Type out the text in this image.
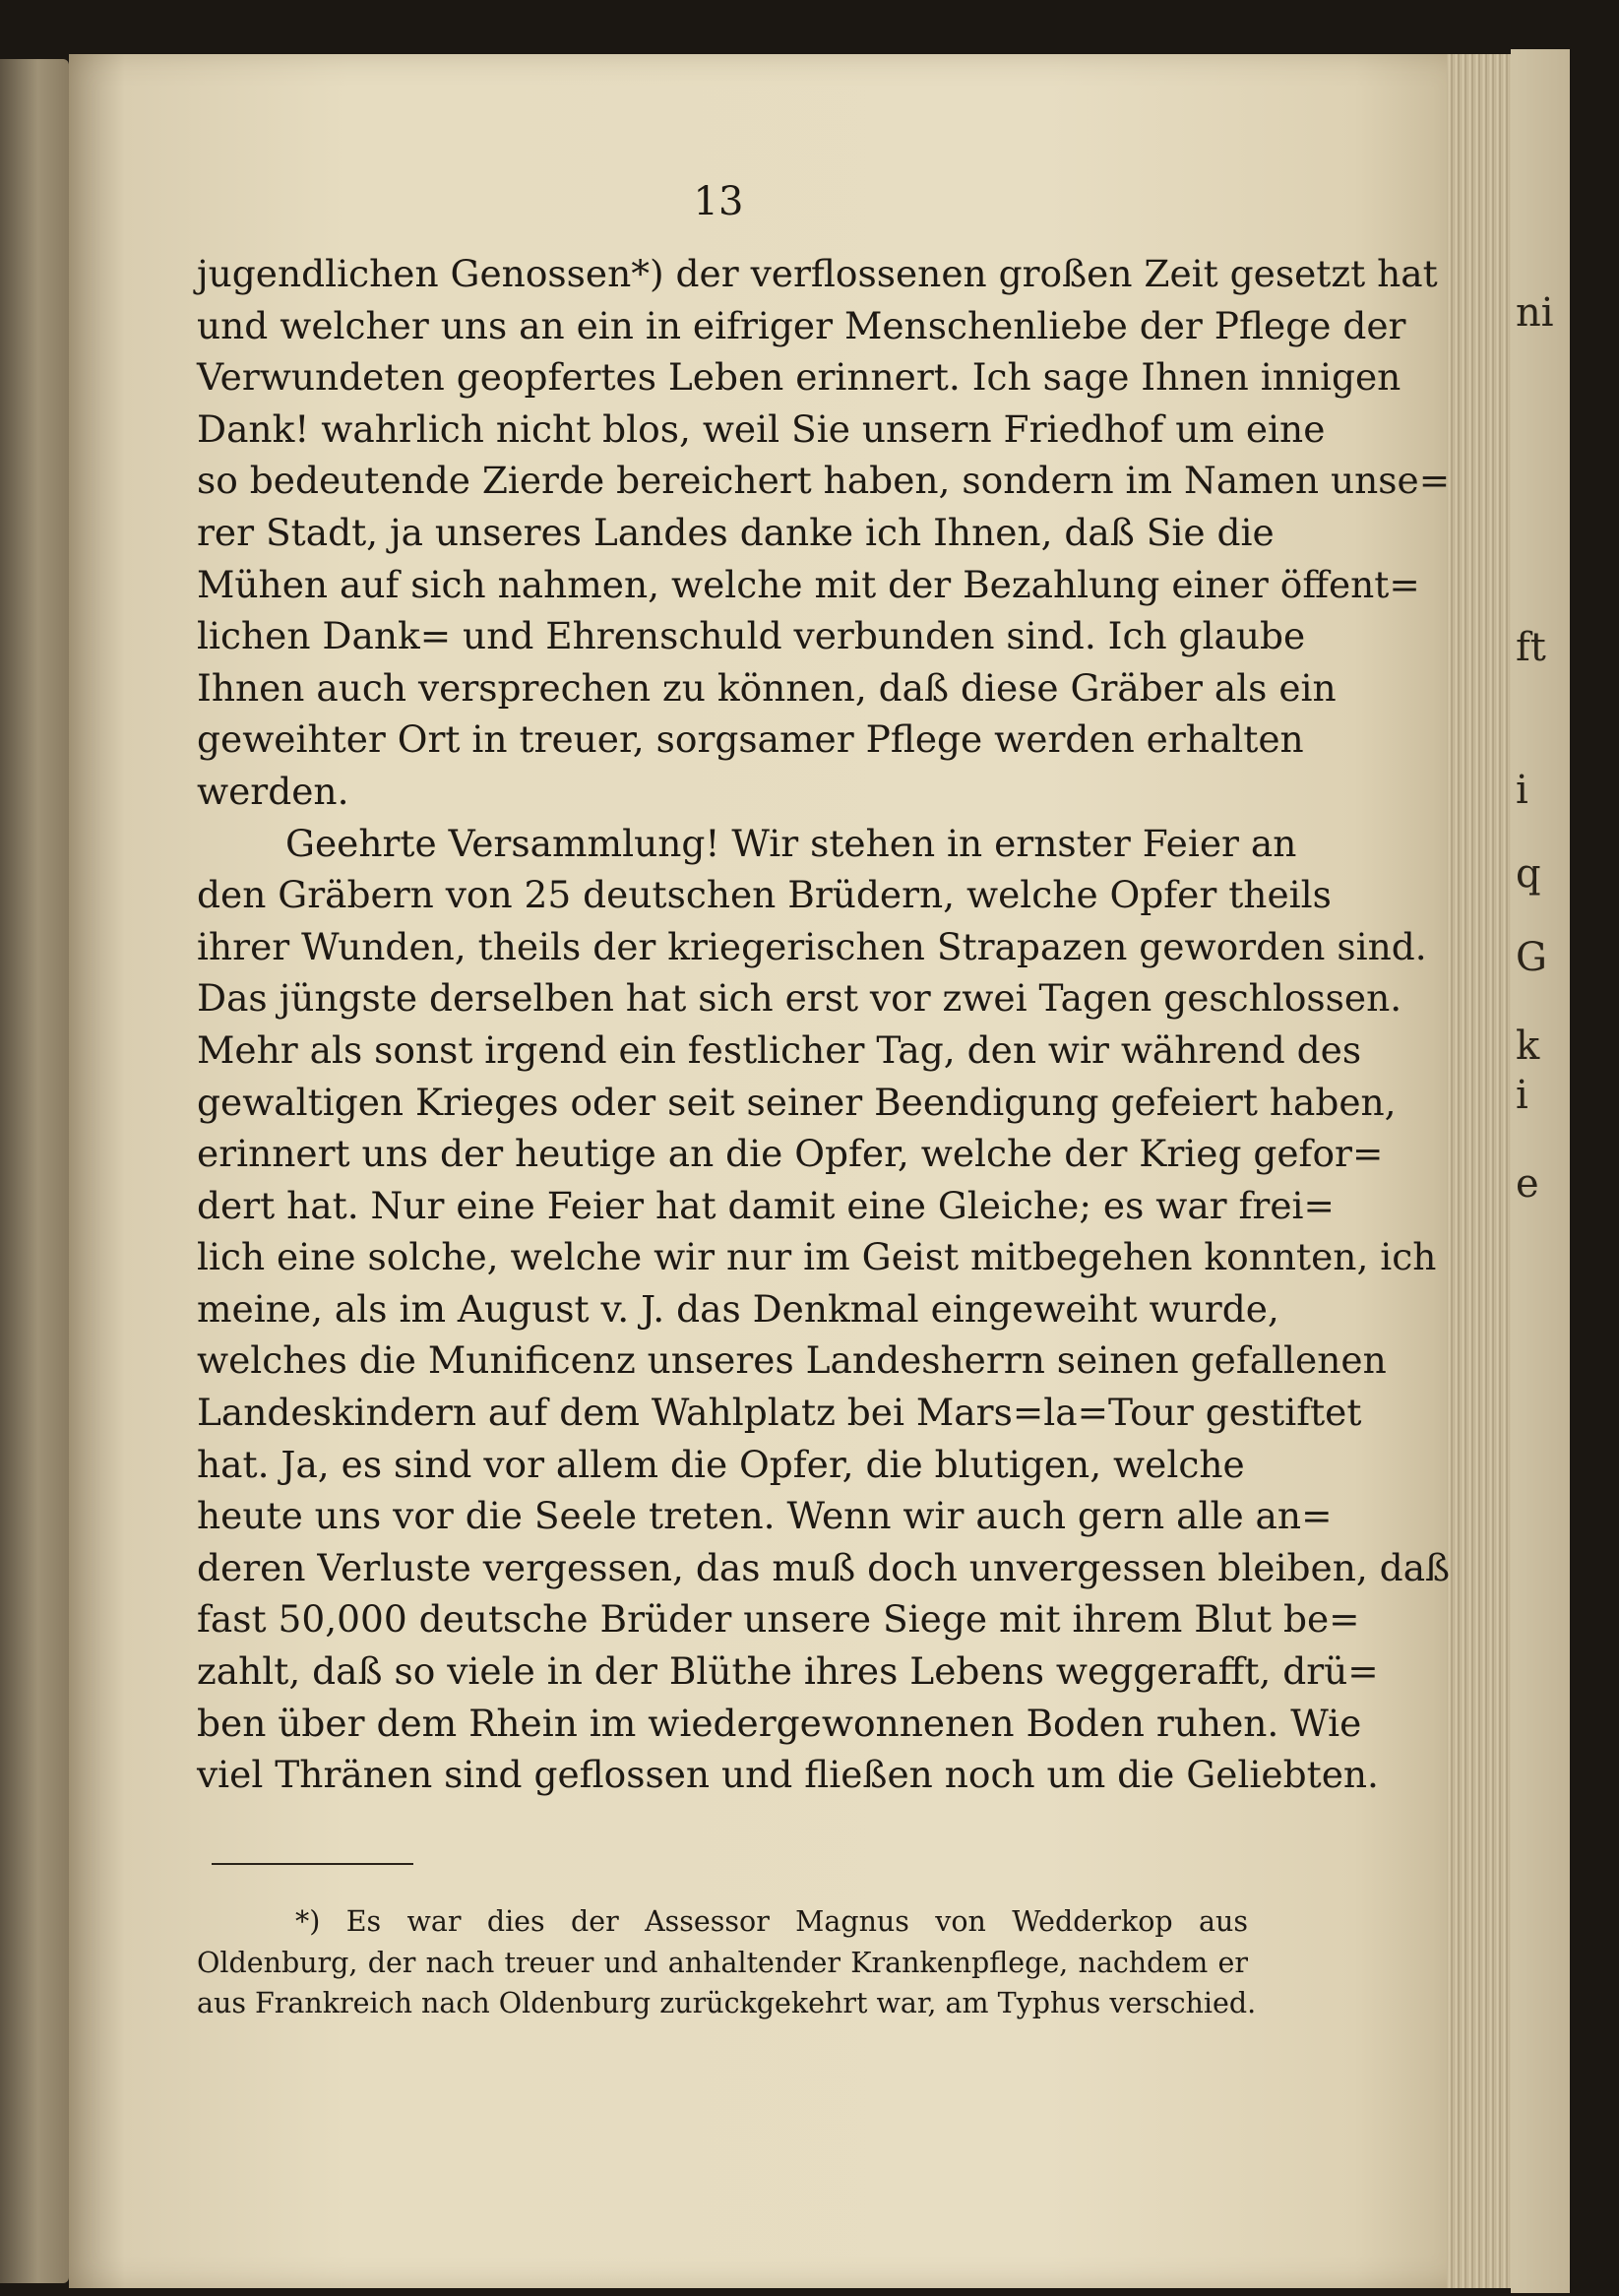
ni
ft
i
q
G
k
i
e
13
jugendlichen Genossen*) der verflossenen großen Zeit gesetzt hat
und welcher uns an ein in eifriger Menschenliebe der Pflege der
Verwundeten geopfertes Leben erinnert. Ich sage Ihnen innigen
Dank! wahrlich nicht blos, weil Sie unsern Friedhof um eine
so bedeutende Zierde bereichert haben, sondern im Namen unse=
rer Stadt, ja unseres Landes danke ich Ihnen, daß Sie die
Mühen auf sich nahmen, welche mit der Bezahlung einer öffent=
lichen Dank= und Ehrenschuld verbunden sind. Ich glaube
Ihnen auch versprechen zu können, daß diese Gräber als ein
geweihter Ort in treuer, sorgsamer Pflege werden erhalten
werden.
Geehrte Versammlung! Wir stehen in ernster Feier an
den Gräbern von 25 deutschen Brüdern, welche Opfer theils
ihrer Wunden, theils der kriegerischen Strapazen geworden sind.
Das jüngste derselben hat sich erst vor zwei Tagen geschlossen.
Mehr als sonst irgend ein festlicher Tag, den wir während des
gewaltigen Krieges oder seit seiner Beendigung gefeiert haben,
erinnert uns der heutige an die Opfer, welche der Krieg gefor=
dert hat. Nur eine Feier hat damit eine Gleiche; es war frei=
lich eine solche, welche wir nur im Geist mitbegehen konnten, ich
meine, als im August v. J. das Denkmal eingeweiht wurde,
welches die Munificenz unseres Landesherrn seinen gefallenen
Landeskindern auf dem Wahlplatz bei Mars=la=Tour gestiftet
hat. Ja, es sind vor allem die Opfer, die blutigen, welche
heute uns vor die Seele treten. Wenn wir auch gern alle an=
deren Verluste vergessen, das muß doch unvergessen bleiben, daß
fast 50,000 deutsche Brüder unsere Siege mit ihrem Blut be=
zahlt, daß so viele in der Blüthe ihres Lebens weggerafft, drü=
ben über dem Rhein im wiedergewonnenen Boden ruhen. Wie
viel Thränen sind geflossen und fließen noch um die Geliebten.
*) Es war dies der Assessor Magnus von Wedderkop aus
Oldenburg, der nach treuer und anhaltender Krankenpflege, nachdem er
aus Frankreich nach Oldenburg zurückgekehrt war, am Typhus verschied.
